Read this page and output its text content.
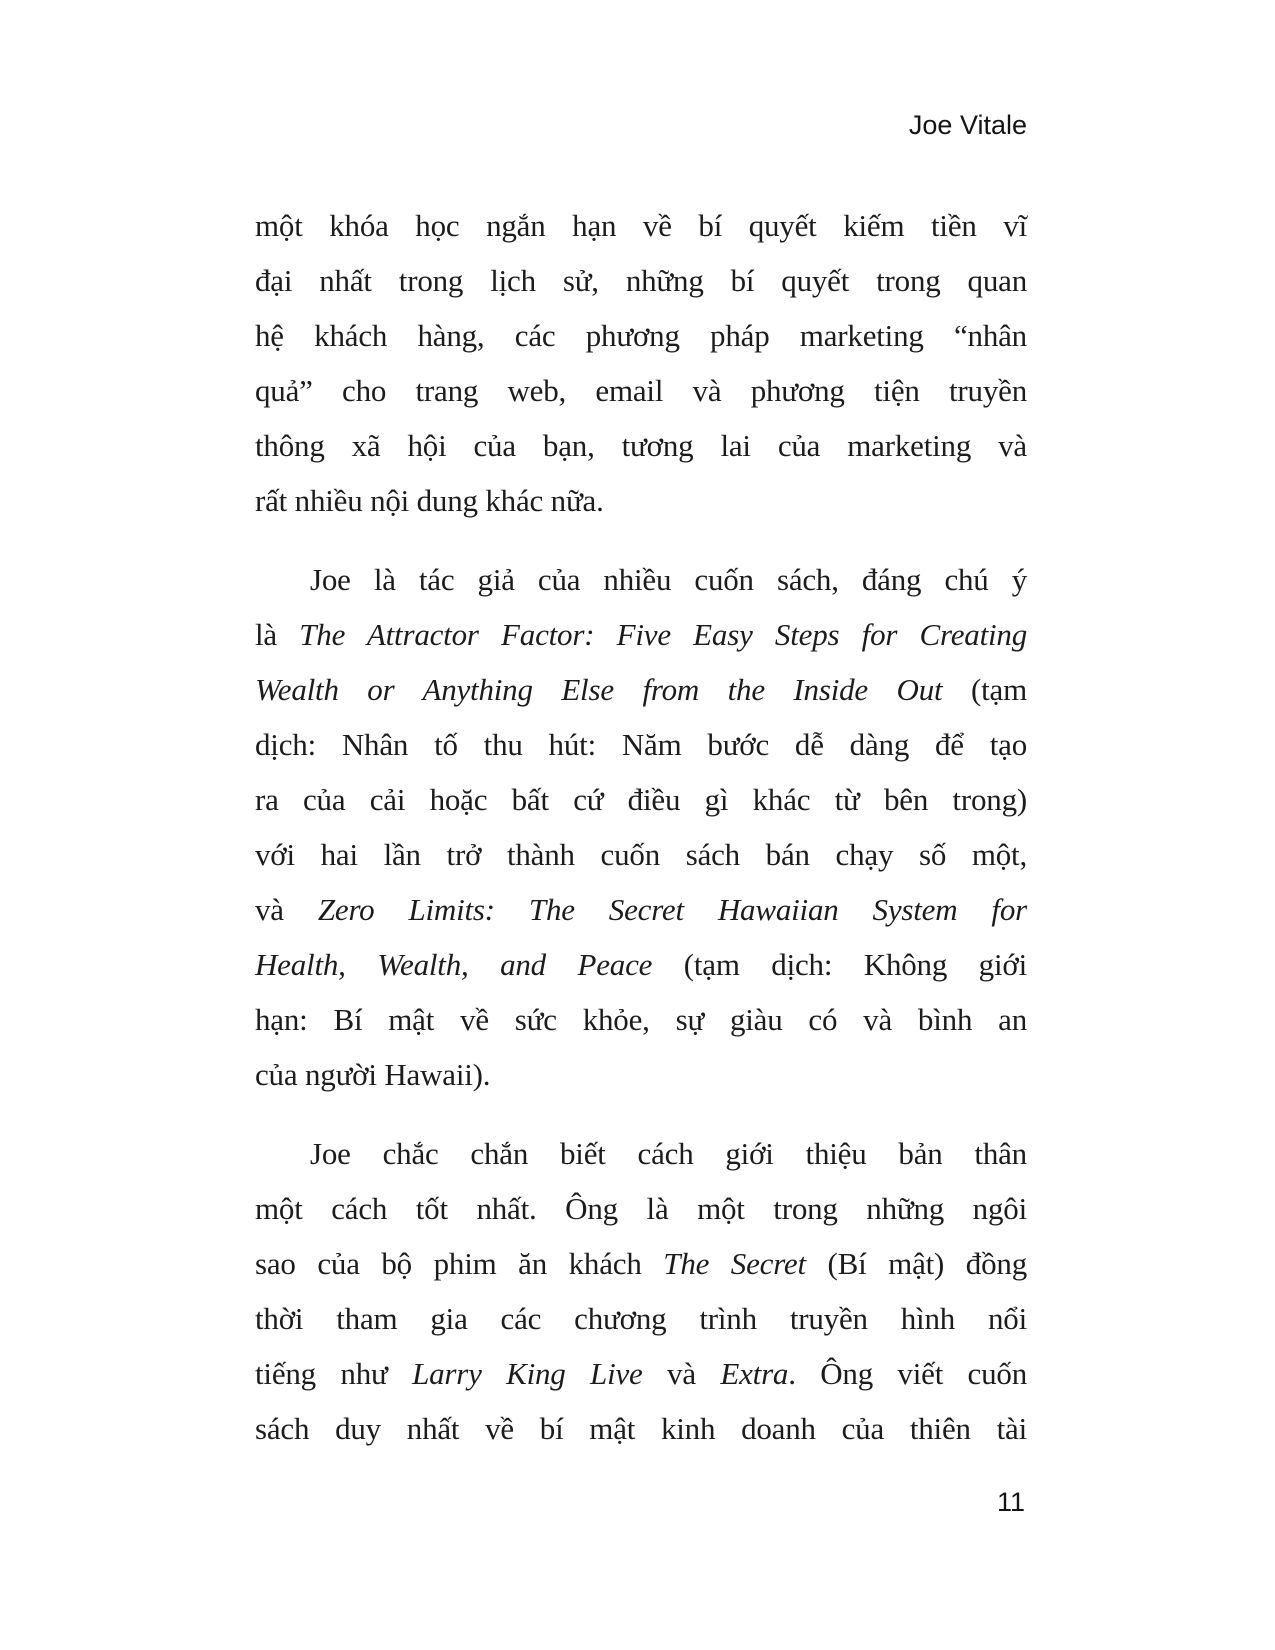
Joe Vitale
một khóa học ngắn hạn về bí quyết kiếm tiền vĩ
đại nhất trong lịch sử, những bí quyết trong quan
hệ khách hàng, các phương pháp marketing “nhân
quả” cho trang web, email và phương tiện truyền
thông xã hội của bạn, tương lai của marketing và
rất nhiều nội dung khác nữa.
Joe là tác giả của nhiều cuốn sách, đáng chú ý
là The Attractor Factor: Five Easy Steps for Creating
Wealth or Anything Else from the Inside Out (tạm
dịch: Nhân tố thu hút: Năm bước dễ dàng để tạo
ra của cải hoặc bất cứ điều gì khác từ bên trong)
với hai lần trở thành cuốn sách bán chạy số một,
và Zero Limits: The Secret Hawaiian System for
Health, Wealth, and Peace (tạm dịch: Không giới
hạn: Bí mật về sức khỏe, sự giàu có và bình an
của người Hawaii).
Joe chắc chắn biết cách giới thiệu bản thân
một cách tốt nhất. Ông là một trong những ngôi
sao của bộ phim ăn khách The Secret (Bí mật) đồng
thời tham gia các chương trình truyền hình nổi
tiếng như Larry King Live và Extra. Ông viết cuốn
sách duy nhất về bí mật kinh doanh của thiên tài
11
